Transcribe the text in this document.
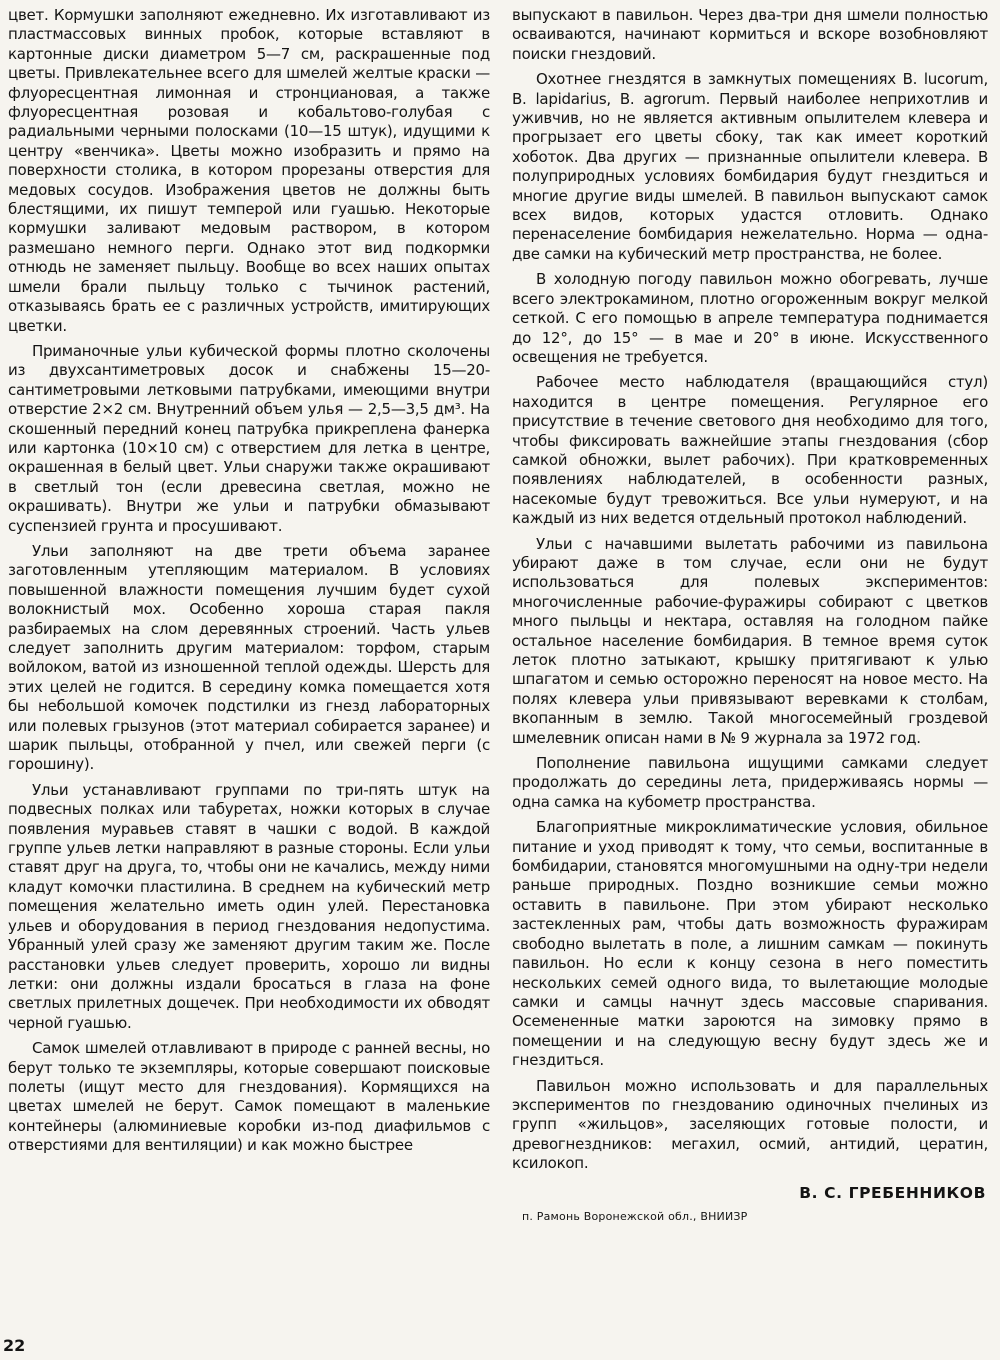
цвет. Кормушки заполняют ежедневно. Их изготавливают из пластмассовых винных пробок, которые вставляют в картонные диски диаметром 5—7 см, раскрашенные под цветы. Привлекательнее всего для шмелей желтые краски — флуоресцентная лимонная и стронциановая, а также флуоресцентная розовая и кобальтово-голубая с радиальными черными полосками (10—15 штук), идущими к центру «венчика». Цветы можно изобразить и прямо на поверхности столика, в котором прорезаны отверстия для медовых сосудов. Изображения цветов не должны быть блестящими, их пишут темперой или гуашью. Некоторые кормушки заливают медовым раствором, в котором размешано немного перги. Однако этот вид подкормки отнюдь не заменяет пыльцу. Вообще во всех наших опытах шмели брали пыльцу только с тычинок растений, отказываясь брать ее с различных устройств, имитирующих цветки.

Приманочные ульи кубической формы плотно сколочены из двухсантиметровых досок и снабжены 15—20-сантиметровыми летковыми патрубками, имеющими внутри отверстие 2×2 см. Внутренний объем улья — 2,5—3,5 дм³. На скошенный передний конец патрубка прикреплена фанерка или картонка (10×10 см) с отверстием для летка в центре, окрашенная в белый цвет. Ульи снаружи также окрашивают в светлый тон (если древесина светлая, можно не окрашивать). Внутри же ульи и патрубки обмазывают суспензией грунта и просушивают.

Ульи заполняют на две трети объема заранее заготовленным утепляющим материалом. В условиях повышенной влажности помещения лучшим будет сухой волокнистый мох. Особенно хороша старая пакля разбираемых на слом деревянных строений. Часть ульев следует заполнить другим материалом: торфом, старым войлоком, ватой из изношенной теплой одежды. Шерсть для этих целей не годится. В середину комка помещается хотя бы небольшой комочек подстилки из гнезд лабораторных или полевых грызунов (этот материал собирается заранее) и шарик пыльцы, отобранной у пчел, или свежей перги (с горошину).

Ульи устанавливают группами по три-пять штук на подвесных полках или табуретах, ножки которых в случае появления муравьев ставят в чашки с водой. В каждой группе ульев летки направляют в разные стороны. Если ульи ставят друг на друга, то, чтобы они не качались, между ними кладут комочки пластилина. В среднем на кубический метр помещения желательно иметь один улей. Перестановка ульев и оборудования в период гнездования недопустима. Убранный улей сразу же заменяют другим таким же. После расстановки ульев следует проверить, хорошо ли видны летки: они должны издали бросаться в глаза на фоне светлых прилетных дощечек. При необходимости их обводят черной гуашью.

Самок шмелей отлавливают в природе с ранней весны, но берут только те экземпляры, которые совершают поисковые полеты (ищут место для гнездования). Кормящихся на цветах шмелей не берут. Самок помещают в маленькие контейнеры (алюминиевые коробки из-под диафильмов с отверстиями для вентиляции) и как можно быстрее

выпускают в павильон. Через два-три дня шмели полностью осваиваются, начинают кормиться и вскоре возобновляют поиски гнездовий.

Охотнее гнездятся в замкнутых помещениях B. lucorum, B. lapidarius, B. agrorum. Первый наиболее неприхотлив и уживчив, но не является активным опылителем клевера и прогрызает его цветы сбоку, так как имеет короткий хоботок. Два других — признанные опылители клевера. В полуприродных условиях бомбидария будут гнездиться и многие другие виды шмелей. В павильон выпускают самок всех видов, которых удастся отловить. Однако перенаселение бомбидария нежелательно. Норма — одна-две самки на кубический метр пространства, не более.

В холодную погоду павильон можно обогревать, лучше всего электрокамином, плотно огороженным вокруг мелкой сеткой. С его помощью в апреле температура поднимается до 12°, до 15° — в мае и 20° в июне. Искусственного освещения не требуется.

Рабочее место наблюдателя (вращающийся стул) находится в центре помещения. Регулярное его присутствие в течение светового дня необходимо для того, чтобы фиксировать важнейшие этапы гнездования (сбор самкой обножки, вылет рабочих). При кратковременных появлениях наблюдателей, в особенности разных, насекомые будут тревожиться. Все ульи нумеруют, и на каждый из них ведется отдельный протокол наблюдений.

Ульи с начавшими вылетать рабочими из павильона убирают даже в том случае, если они не будут использоваться для полевых экспериментов: многочисленные рабочие-фуражиры собирают с цветков много пыльцы и нектара, оставляя на голодном пайке остальное население бомбидария. В темное время суток леток плотно затыкают, крышку притягивают к улью шпагатом и семью осторожно переносят на новое место. На полях клевера ульи привязывают веревками к столбам, вкопанным в землю. Такой многосемейный гроздевой шмелевник описан нами в № 9 журнала за 1972 год.

Пополнение павильона ищущими самками следует продолжать до середины лета, придерживаясь нормы — одна самка на кубометр пространства.

Благоприятные микроклиматические условия, обильное питание и уход приводят к тому, что семьи, воспитанные в бомбидарии, становятся многомушными на одну-три недели раньше природных. Поздно возникшие семьи можно оставить в павильоне. При этом убирают несколько застекленных рам, чтобы дать возможность фуражирам свободно вылетать в поле, а лишним самкам — покинуть павильон. Но если к концу сезона в него поместить нескольких семей одного вида, то вылетающие молодые самки и самцы начнут здесь массовые спаривания. Осемененные матки зароются на зимовку прямо в помещении и на следующую весну будут здесь же и гнездиться.

Павильон можно использовать и для параллельных экспериментов по гнездованию одиночных пчелиных из групп «жильцов», заселяющих готовые полости, и древогнездников: мегахил, осмий, антидий, цератин, ксилокоп.

В. С. ГРЕБЕННИКОВ
п. Рамонь Воронежской обл., ВНИИЗР
22
